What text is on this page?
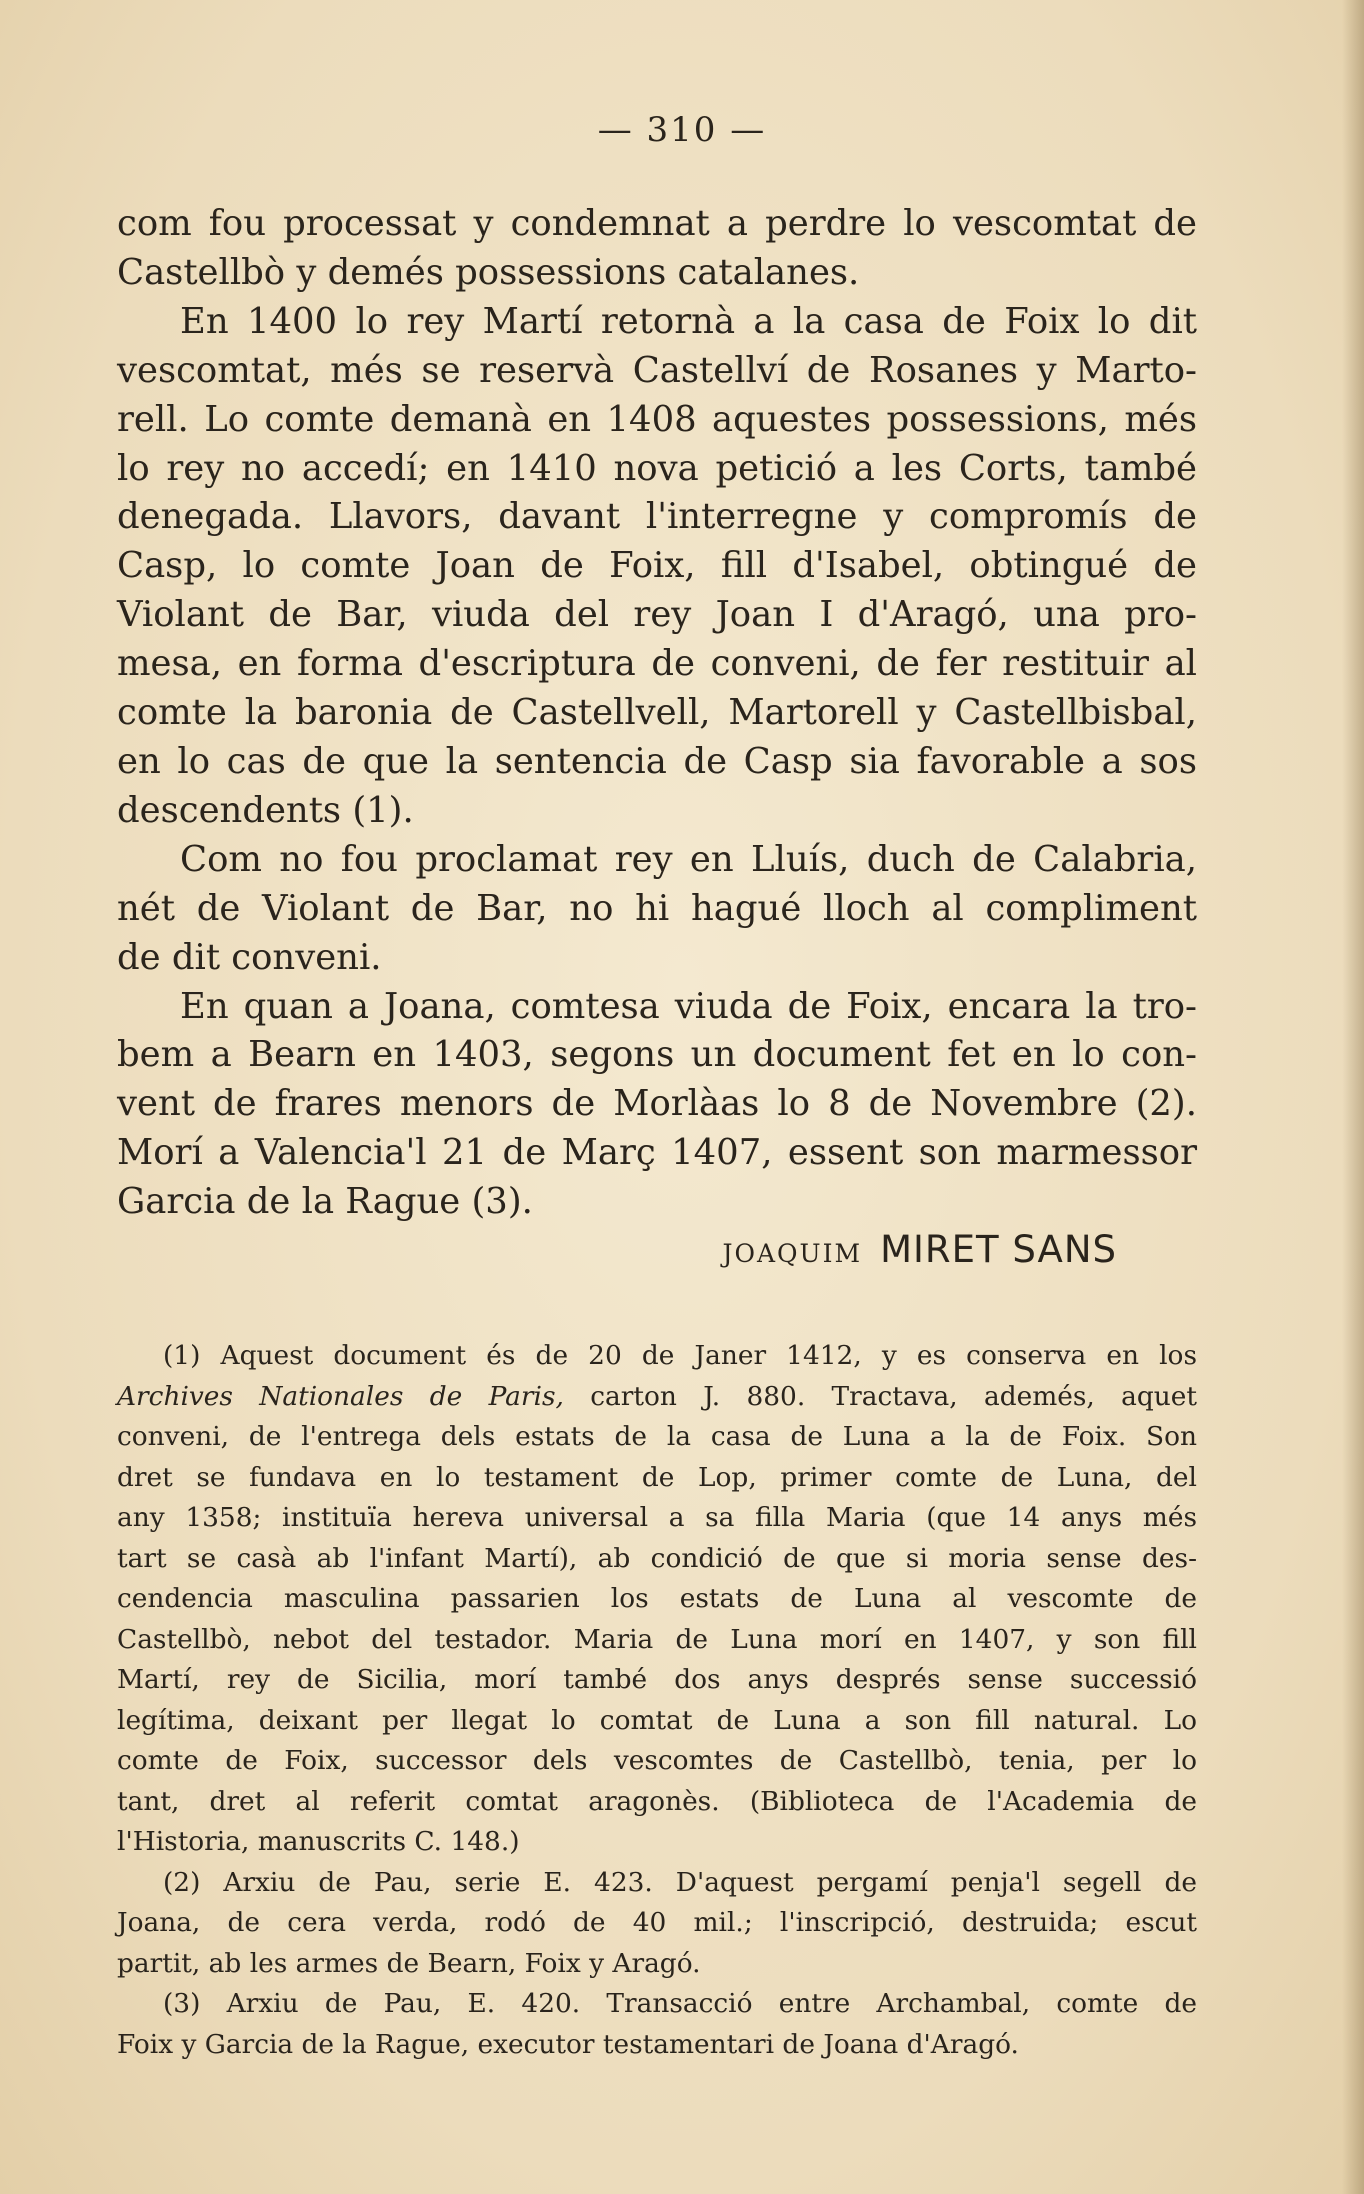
— 310 —

com fou processat y condemnat a perdre lo vescomtat de

Castellbò y demés possessions catalanes.

En 1400 lo rey Martí retornà a la casa de Foix lo dit

vescomtat, més se reservà Castellví de Rosanes y Marto-

rell. Lo comte demanà en 1408 aquestes possessions, més

lo rey no accedí; en 1410 nova petició a les Corts, també

denegada. Llavors, davant l'interregne y compromís de

Casp, lo comte Joan de Foix, fill d'Isabel, obtingué de

Violant de Bar, viuda del rey Joan I d'Aragó, una pro-

mesa, en forma d'escriptura de conveni, de fer restituir al

comte la baronia de Castellvell, Martorell y Castellbisbal,

en lo cas de que la sentencia de Casp sia favorable a sos

descendents (1).

Com no fou proclamat rey en Lluís, duch de Calabria,

nét de Violant de Bar, no hi hagué lloch al compliment

de dit conveni.

En quan a Joana, comtesa viuda de Foix, encara la tro-

bem a Bearn en 1403, segons un document fet en lo con-

vent de frares menors de Morlàas lo 8 de Novembre (2).

Morí a Valencia'l 21 de Març 1407, essent son marmessor

Garcia de la Rague (3).

JOAQUIM MIRET SANS

(1) Aquest document és de 20 de Janer 1412, y es conserva en los

Archives Nationales de Paris, carton J. 880. Tractava, ademés, aquet

conveni, de l'entrega dels estats de la casa de Luna a la de Foix. Son

dret se fundava en lo testament de Lop, primer comte de Luna, del

any 1358; instituïa hereva universal a sa filla Maria (que 14 anys més

tart se casà ab l'infant Martí), ab condició de que si moria sense des-

cendencia masculina passarien los estats de Luna al vescomte de

Castellbò, nebot del testador. Maria de Luna morí en 1407, y son fill

Martí, rey de Sicilia, morí també dos anys després sense successió

legítima, deixant per llegat lo comtat de Luna a son fill natural. Lo

comte de Foix, successor dels vescomtes de Castellbò, tenia, per lo

tant, dret al referit comtat aragonès. (Biblioteca de l'Academia de

l'Historia, manuscrits C. 148.)

(2) Arxiu de Pau, serie E. 423. D'aquest pergamí penja'l segell de

Joana, de cera verda, rodó de 40 mil.; l'inscripció, destruida; escut

partit, ab les armes de Bearn, Foix y Aragó.

(3) Arxiu de Pau, E. 420. Transacció entre Archambal, comte de

Foix y Garcia de la Rague, executor testamentari de Joana d'Aragó.
